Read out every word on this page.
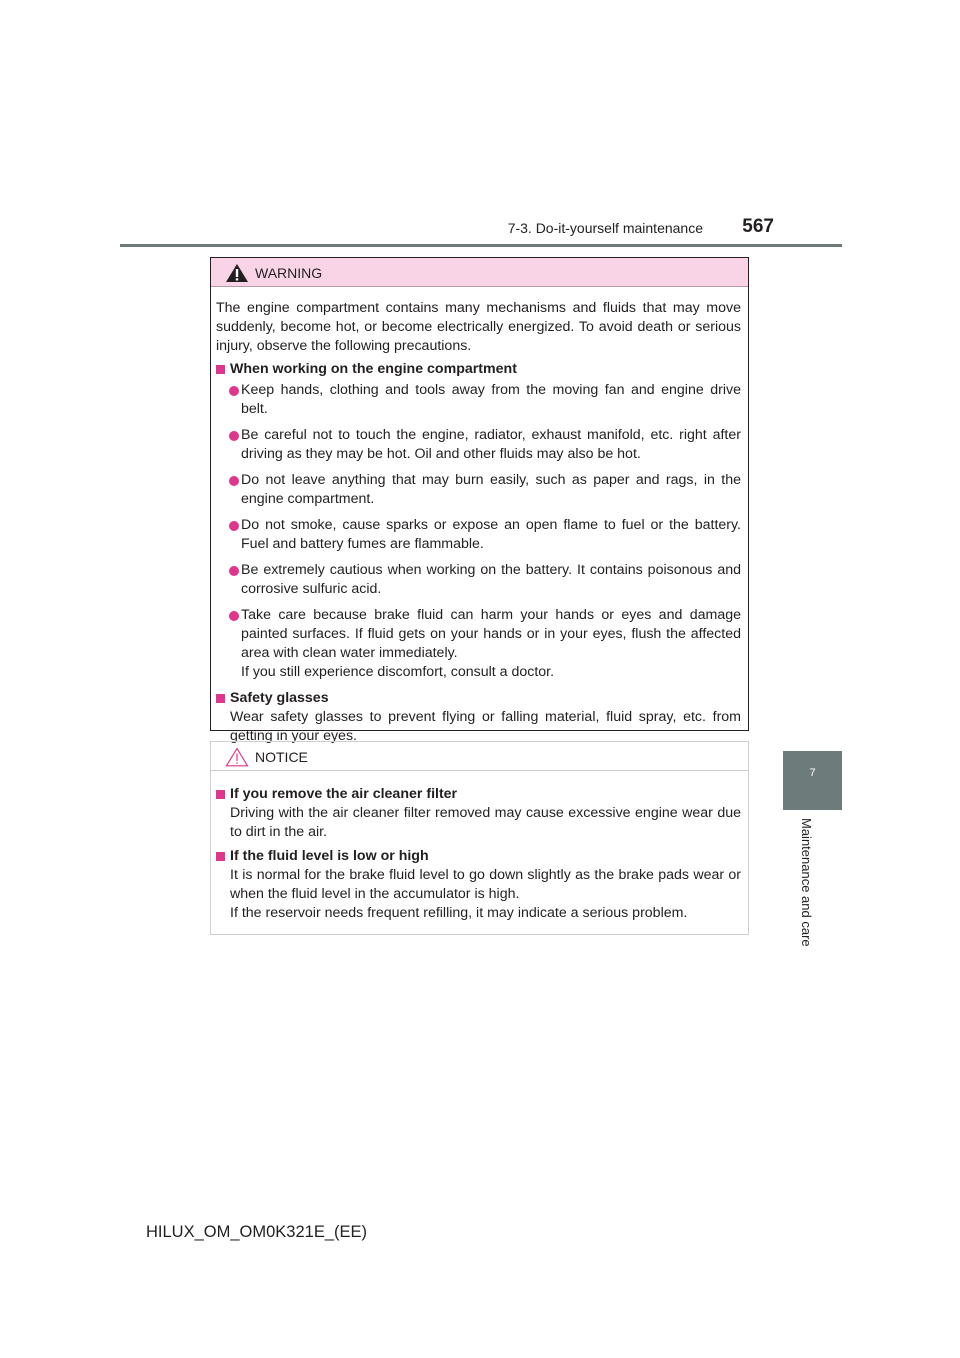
7-3. Do-it-yourself maintenance	567
7
Maintenance and care
WARNING

The engine compartment contains many mechanisms and fluids that may move suddenly, become hot, or become electrically energized. To avoid death or serious injury, observe the following precautions.

When working on the engine compartment
Keep hands, clothing and tools away from the moving fan and engine drive belt.
Be careful not to touch the engine, radiator, exhaust manifold, etc. right after driving as they may be hot. Oil and other fluids may also be hot.
Do not leave anything that may burn easily, such as paper and rags, in the engine compartment.
Do not smoke, cause sparks or expose an open flame to fuel or the battery. Fuel and battery fumes are flammable.
Be extremely cautious when working on the battery. It contains poisonous and corrosive sulfuric acid.
Take care because brake fluid can harm your hands or eyes and damage painted surfaces. If fluid gets on your hands or in your eyes, flush the affected area with clean water immediately.
If you still experience discomfort, consult a doctor.
Safety glasses

Wear safety glasses to prevent flying or falling material, fluid spray, etc. from getting in your eyes.

NOTICE
If you remove the air cleaner filter

Driving with the air cleaner filter removed may cause excessive engine wear due to dirt in the air.

If the fluid level is low or high

It is normal for the brake fluid level to go down slightly as the brake pads wear or when the fluid level in the accumulator is high.
If the reservoir needs frequent refilling, it may indicate a serious problem.

HILUX_OM_OM0K321E_(EE)
